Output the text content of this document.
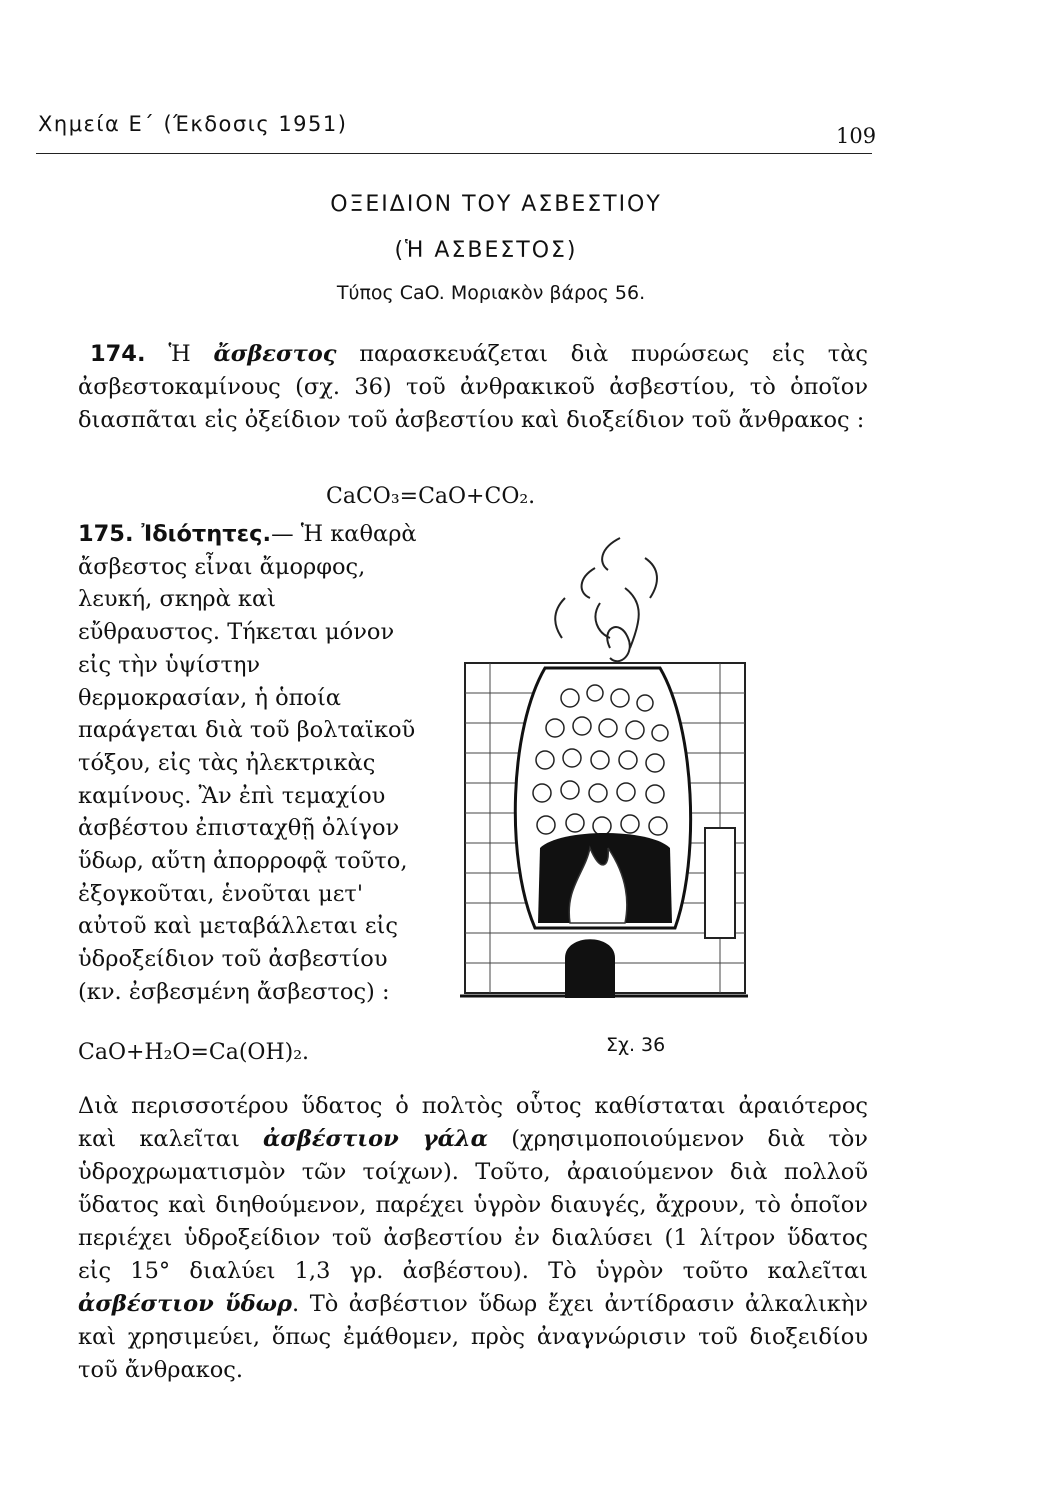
Χημεία Ε΄ (Έκδοσις 1951)	109
ΟΞΕΙΔΙΟΝ ΤΟΥ ΑΣΒΕΣΤΙΟΥ
(Ἡ ΑΣΒΕΣΤΟΣ)
Τύπος CaO. Μοριακὸν βάρος 56.

174. Ἡ ἄσβεστος παρασκευάζεται διὰ πυρώσεως εἰς τὰς ἀσβεστοκαμίνους (σχ. 36) τοῦ ἀνθρακικοῦ ἀσβεστίου, τὸ ὁποῖον διασπᾶται εἰς ὀξείδιον τοῦ ἀσβεστίου καὶ διοξείδιον τοῦ ἄνθρακος :

CaCO₃=CaO+CO₂.

175. Ἰδιότητες.— Ἡ καθαρὰ ἄσβεστος εἶναι ἄμορφος, λευκή, σκηρὰ καὶ εὔθραυστος. Τήκεται μόνον εἰς τὴν ὑψίστην θερμοκρασίαν, ἡ ὁποία παράγεται διὰ τοῦ βολταϊκοῦ τόξου, εἰς τὰς ἠλεκτρικὰς καμίνους. Ἂν ἐπὶ τεμαχίου ἀσβέστου ἐπισταχθῇ ὀλίγον ὕδωρ, αὕτη ἀπορροφᾷ τοῦτο, ἐξογκοῦται, ἑνοῦται μετ' αὐτοῦ καὶ μεταβάλλεται εἰς ὑδροξείδιον τοῦ ἀσβεστίου (κν. ἐσβεσμένη ἄσβεστος) :

CaO+H₂O=Ca(OH)₂.	Σχ. 36

Διὰ περισσοτέρου ὕδατος ὁ πολτὸς οὗτος καθίσταται ἀραιότερος καὶ καλεῖται ἀσβέστιον γάλα (χρησιμοποιούμενον διὰ τὸν ὑδροχρωματισμὸν τῶν τοίχων). Τοῦτο, ἀραιούμενον διὰ πολλοῦ ὕδατος καὶ διηθούμενον, παρέχει ὑγρὸν διαυγές, ἄχρουν, τὸ ὁποῖον περιέχει ὑδροξείδιον τοῦ ἀσβεστίου ἐν διαλύσει (1 λίτρον ὕδατος εἰς 15° διαλύει 1,3 γρ. ἀσβέστου). Τὸ ὑγρὸν τοῦτο καλεῖται ἀσβέστιον ὕδωρ. Τὸ ἀσβέστιον ὕδωρ ἔχει ἀντίδρασιν ἀλκαλικὴν καὶ χρησιμεύει, ὅπως ἐμάθομεν, πρὸς ἀναγνώρισιν τοῦ διοξειδίου τοῦ ἄνθρακος.
